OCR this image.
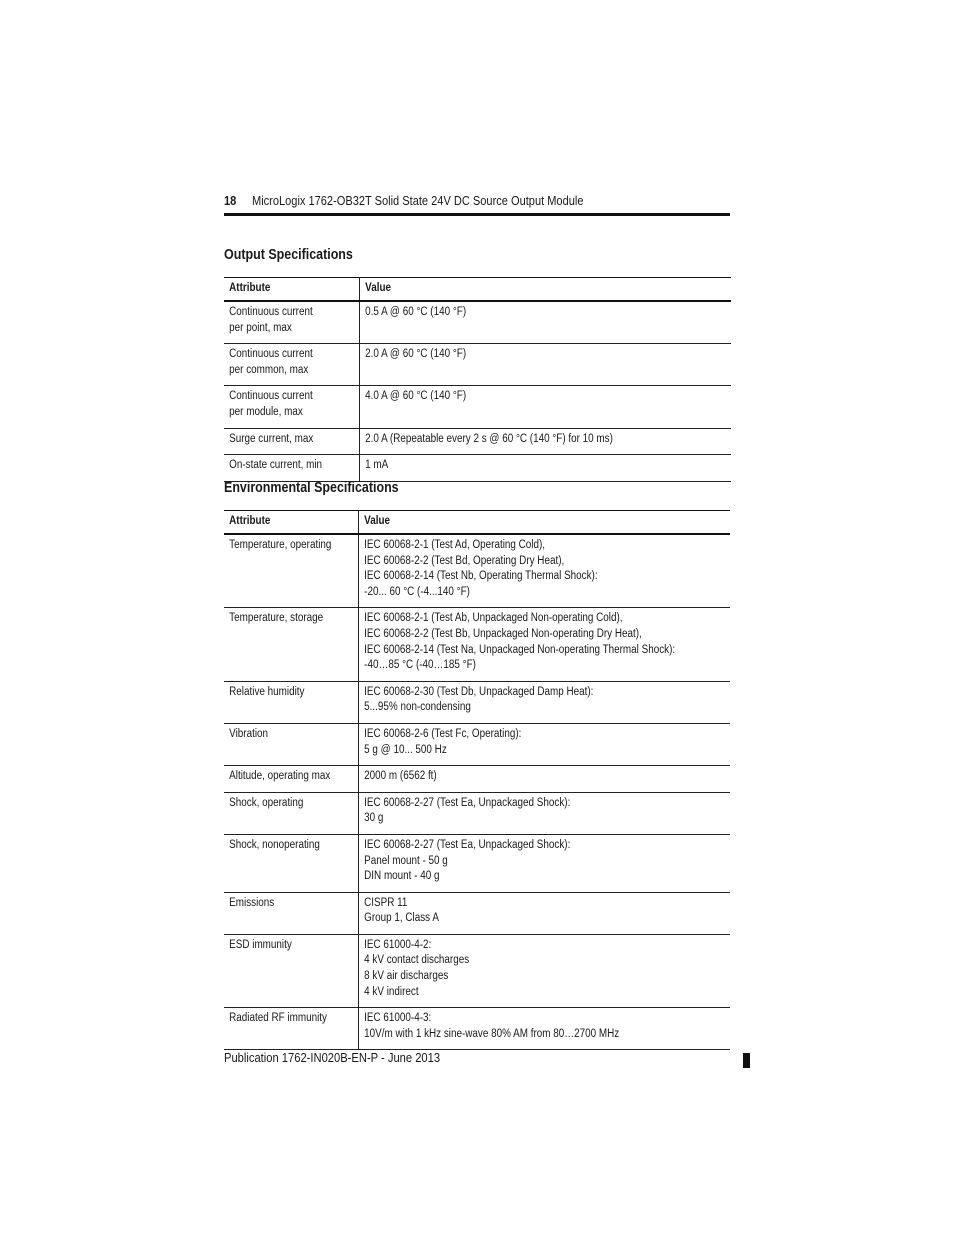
18 MicroLogix 1762-OB32T Solid State 24V DC Source Output Module
Output Specifications
Attribute	Value

Continuous current
per point, max	0.5 A @ 60 °C (140 °F)

Continuous current
per common, max	2.0 A @ 60 °C (140 °F)

Continuous current
per module, max	4.0 A @ 60 °C (140 °F)

Surge current, max	2.0 A (Repeatable every 2 s @ 60 °C (140 °F) for 10 ms)

On-state current, min	1 mA
Environmental Specifications
Attribute	Value

Temperature, operating	IEC 60068-2-1 (Test Ad, Operating Cold),
IEC 60068-2-2 (Test Bd, Operating Dry Heat),
IEC 60068-2-14 (Test Nb, Operating Thermal Shock):
-20... 60 °C (-4...140 °F)

Temperature, storage	IEC 60068-2-1 (Test Ab, Unpackaged Non-operating Cold),
IEC 60068-2-2 (Test Bb, Unpackaged Non-operating Dry Heat),
IEC 60068-2-14 (Test Na, Unpackaged Non-operating Thermal Shock):
-40…85 °C (-40…185 °F)

Relative humidity	IEC 60068-2-30 (Test Db, Unpackaged Damp Heat):
5...95% non-condensing

Vibration	IEC 60068-2-6 (Test Fc, Operating):
5 g @ 10... 500 Hz

Altitude, operating max	2000 m (6562 ft)

Shock, operating	IEC 60068-2-27 (Test Ea, Unpackaged Shock):
30 g

Shock, nonoperating	IEC 60068-2-27 (Test Ea, Unpackaged Shock):
Panel mount - 50 g
DIN mount - 40 g

Emissions	CISPR 11
Group 1, Class A

ESD immunity	IEC 61000-4-2:
4 kV contact discharges
8 kV air discharges
4 kV indirect

Radiated RF immunity	IEC 61000-4-3:
10V/m with 1 kHz sine-wave 80% AM from 80…2700 MHz
Publication 1762-IN020B-EN-P - June 2013
